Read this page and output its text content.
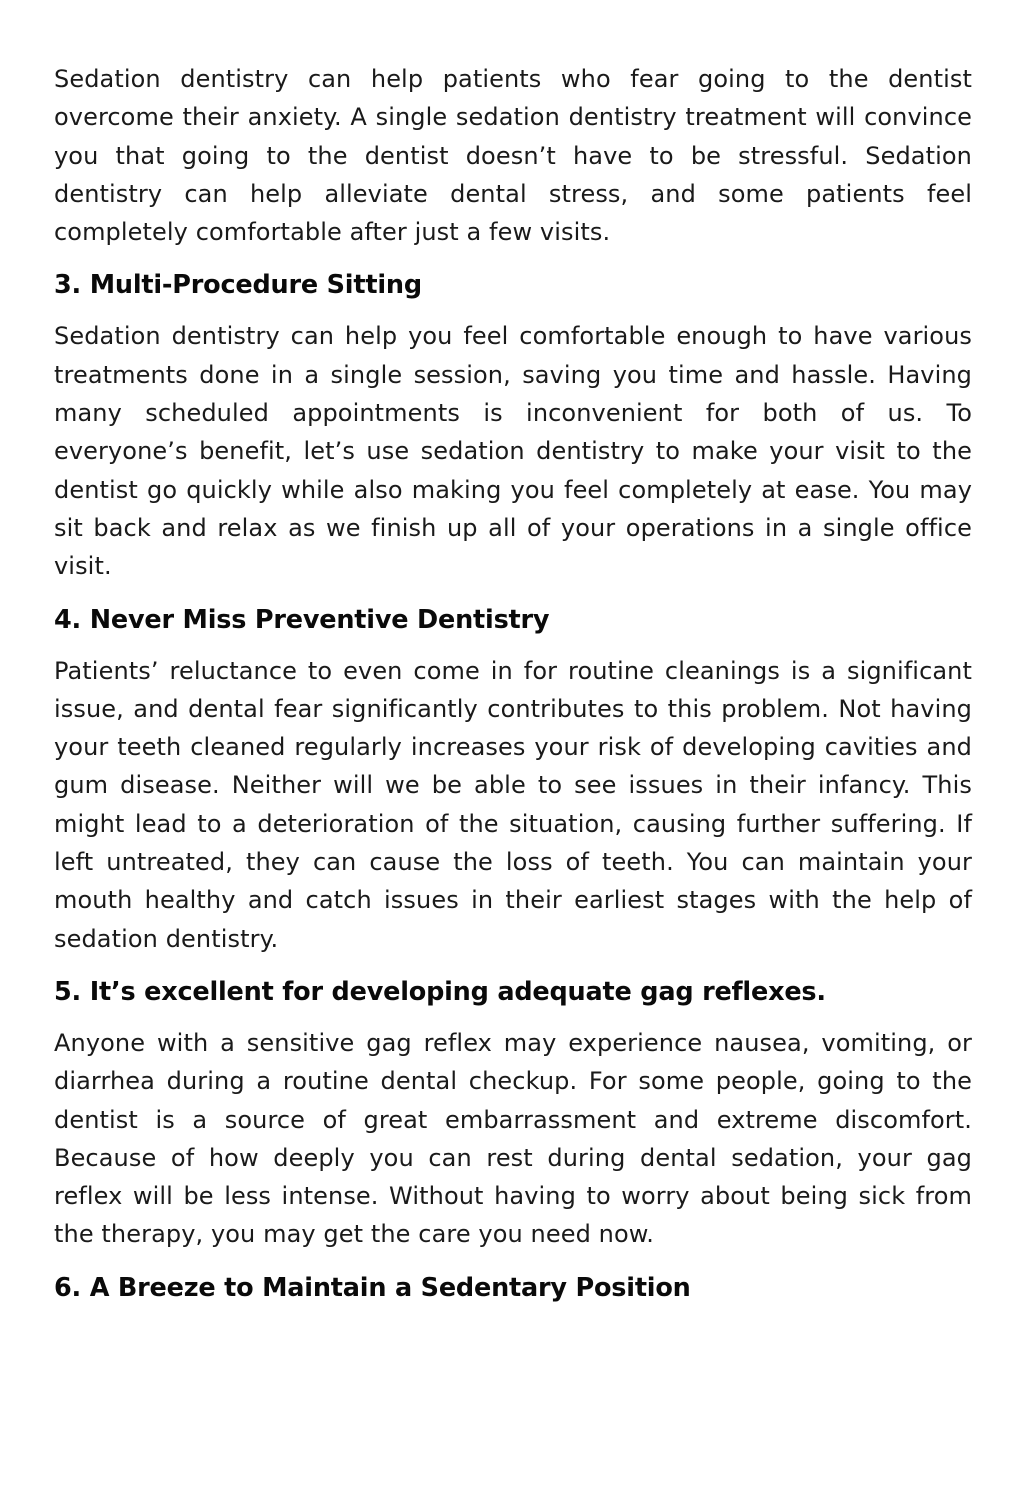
Sedation dentistry can help patients who fear going to the dentist overcome their anxiety. A single sedation dentistry treatment will convince you that going to the dentist doesn’t have to be stressful. Sedation dentistry can help alleviate dental stress, and some patients feel completely comfortable after just a few visits.

3. Multi-Procedure Sitting

Sedation dentistry can help you feel comfortable enough to have various treatments done in a single session, saving you time and hassle. Having many scheduled appointments is inconvenient for both of us. To everyone’s benefit, let’s use sedation dentistry to make your visit to the dentist go quickly while also making you feel completely at ease. You may sit back and relax as we finish up all of your operations in a single office visit.

4. Never Miss Preventive Dentistry

Patients’ reluctance to even come in for routine cleanings is a significant issue, and dental fear significantly contributes to this problem. Not having your teeth cleaned regularly increases your risk of developing cavities and gum disease. Neither will we be able to see issues in their infancy. This might lead to a deterioration of the situation, causing further suffering. If left untreated, they can cause the loss of teeth. You can maintain your mouth healthy and catch issues in their earliest stages with the help of sedation dentistry.

5. It’s excellent for developing adequate gag reflexes.

Anyone with a sensitive gag reflex may experience nausea, vomiting, or diarrhea during a routine dental checkup. For some people, going to the dentist is a source of great embarrassment and extreme discomfort. Because of how deeply you can rest during dental sedation, your gag reflex will be less intense. Without having to worry about being sick from the therapy, you may get the care you need now.

6. A Breeze to Maintain a Sedentary Position
